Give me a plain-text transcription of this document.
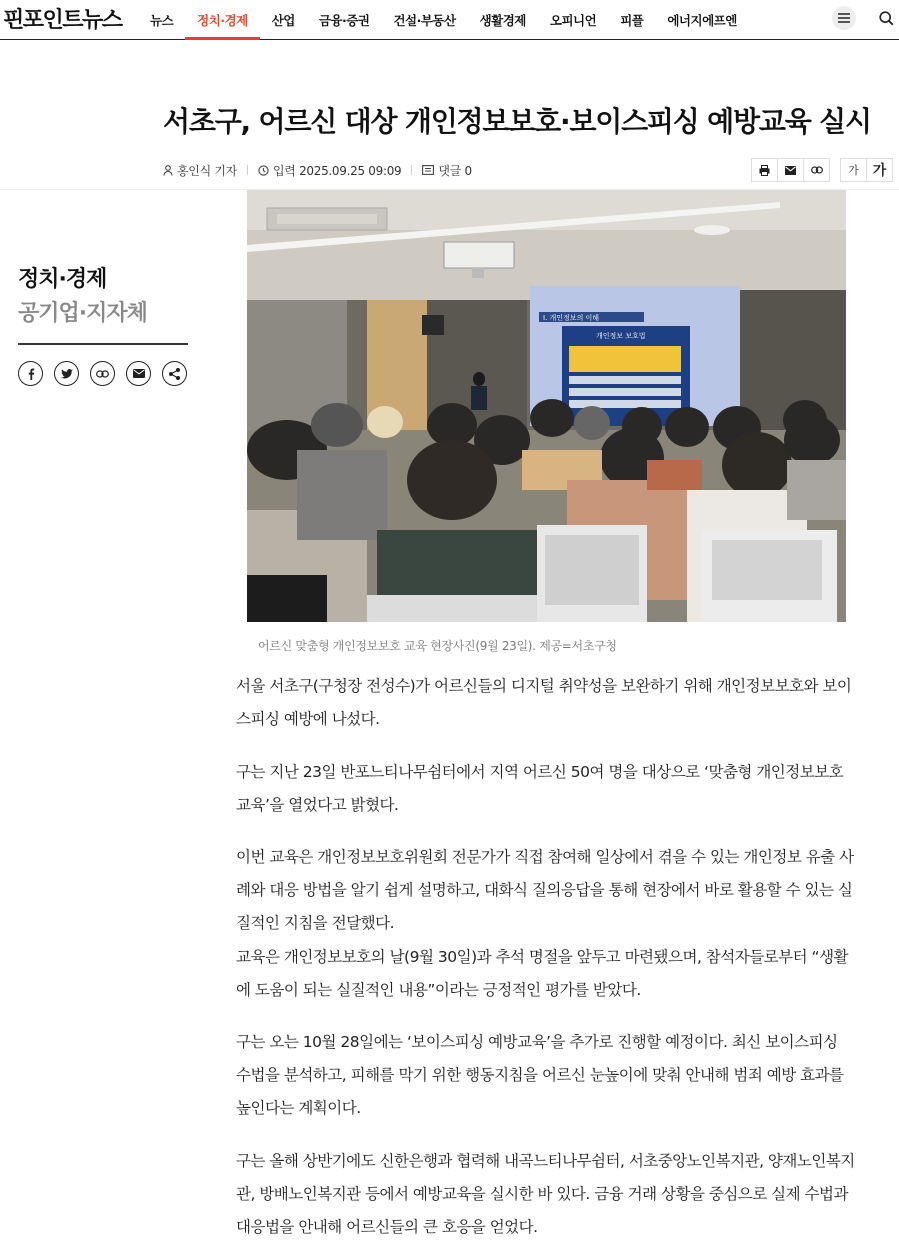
핀포인트뉴스	뉴스	정치·경제	산업	금융·증권	건설·부동산	생활경제	오피니언	피플	에너지에프엔
서초구, 어르신 대상 개인정보보호·보이스피싱 예방교육 실시
홍인식 기자	입력 2025.09.25 09:09	댓글 0	가 가
정치·경제
공기업·지자체	I. 개인정보의 이해
개인정보 보호법
어르신 맞춤형 개인정보보호 교육 현장사진(9월 23일). 제공=서초구청

서울 서초구(구청장 전성수)가 어르신들의 디지털 취약성을 보완하기 위해 개인정보보호와 보이스피싱 예방에 나섰다.

구는 지난 23일 반포느티나무쉼터에서 지역 어르신 50여 명을 대상으로 ‘맞춤형 개인정보보호 교육’을 열었다고 밝혔다.

이번 교육은 개인정보보호위원회 전문가가 직접 참여해 일상에서 겪을 수 있는 개인정보 유출 사례와 대응 방법을 알기 쉽게 설명하고, 대화식 질의응답을 통해 현장에서 바로 활용할 수 있는 실질적인 지침을 전달했다.

교육은 개인정보보호의 날(9월 30일)과 추석 명절을 앞두고 마련됐으며, 참석자들로부터 “생활에 도움이 되는 실질적인 내용”이라는 긍정적인 평가를 받았다.

구는 오는 10월 28일에는 ‘보이스피싱 예방교육’을 추가로 진행할 예정이다. 최신 보이스피싱 수법을 분석하고, 피해를 막기 위한 행동지침을 어르신 눈높이에 맞춰 안내해 범죄 예방 효과를 높인다는 계획이다.

구는 올해 상반기에도 신한은행과 협력해 내곡느티나무쉼터, 서초중앙노인복지관, 양재노인복지관, 방배노인복지관 등에서 예방교육을 실시한 바 있다. 금융 거래 상황을 중심으로 실제 수법과 대응법을 안내해 어르신들의 큰 호응을 얻었다.
